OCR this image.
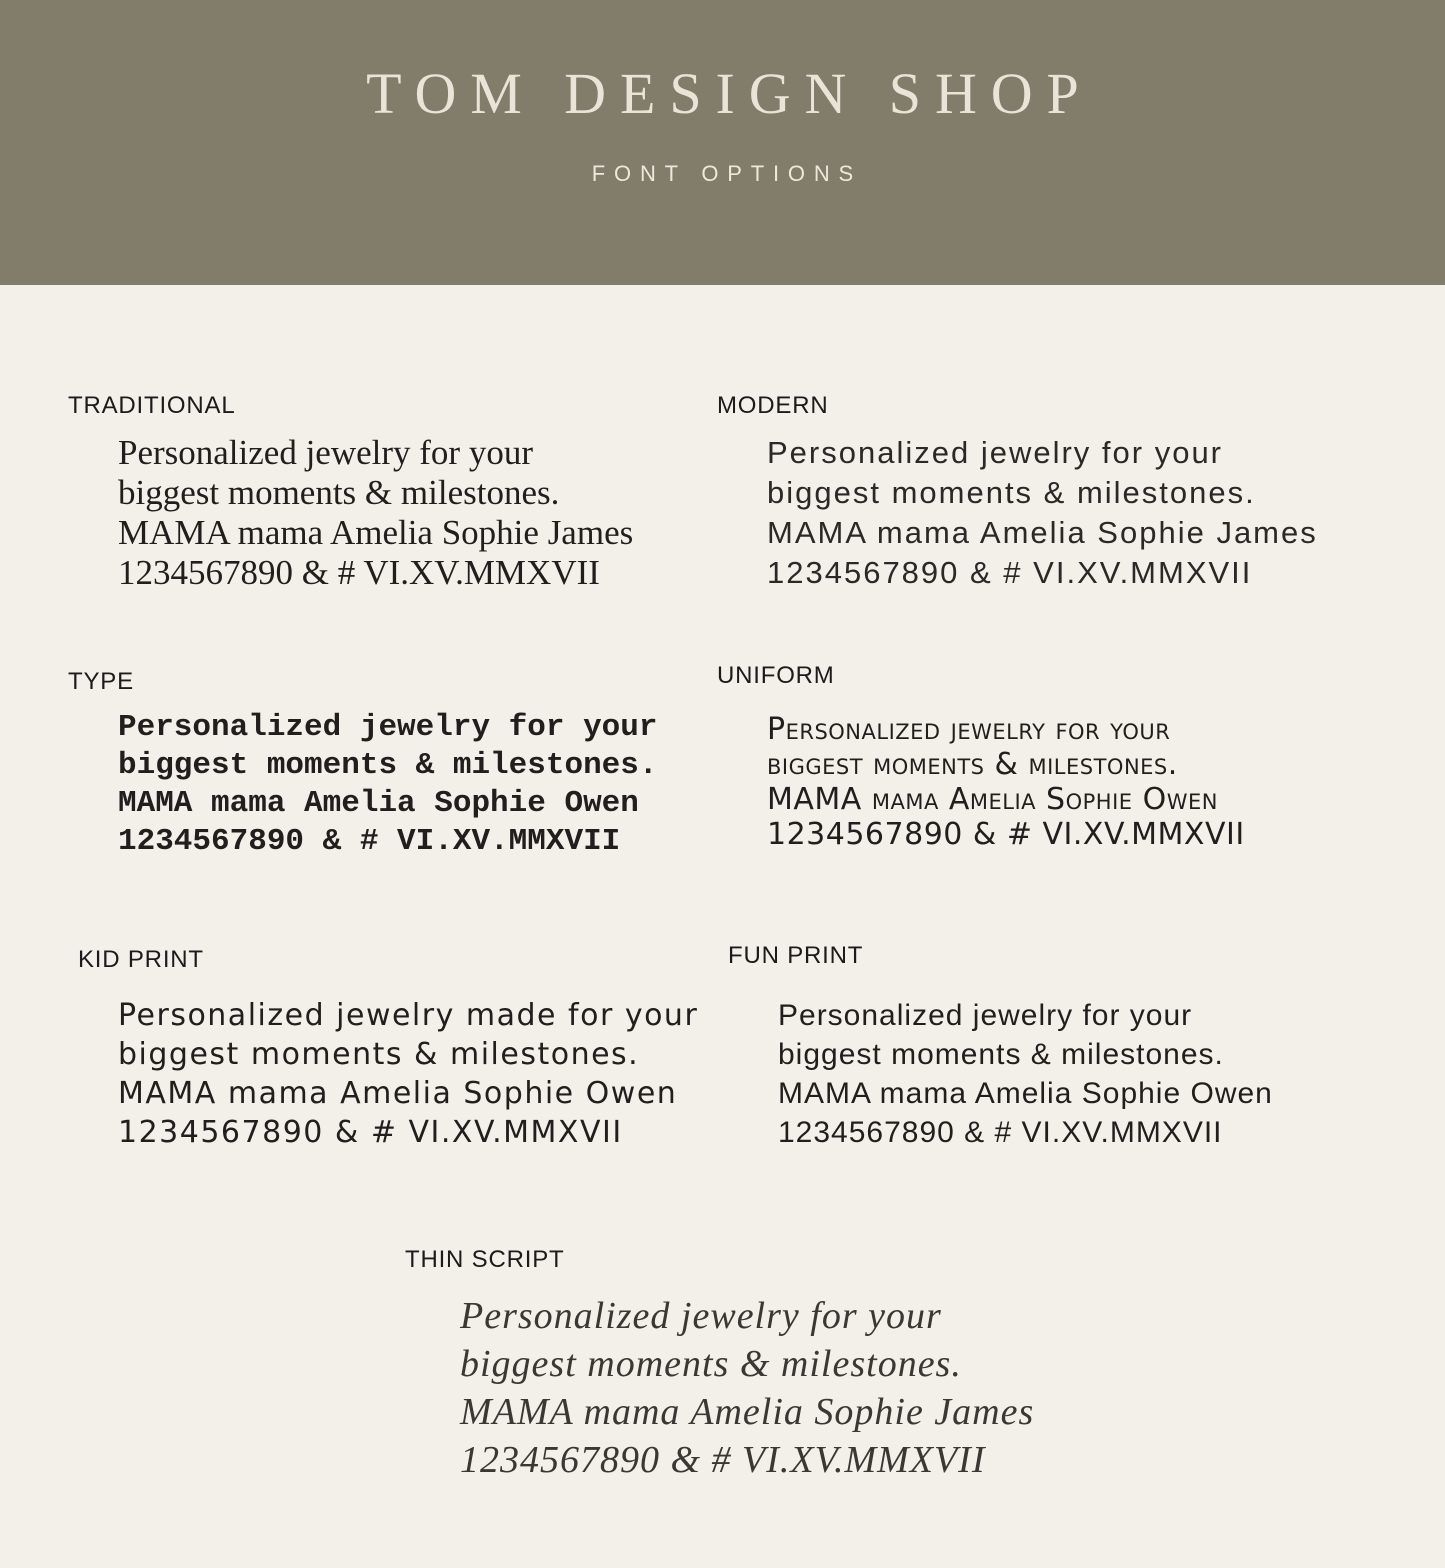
TOM DESIGN SHOP
FONT OPTIONS
TRADITIONAL
Personalized jewelry for your
biggest moments & milestones.
MAMA mama Amelia Sophie James
1234567890 & # VI.XV.MMXVII
MODERN
Personalized jewelry for your
biggest moments & milestones.
MAMA mama Amelia Sophie James
1234567890 & # VI.XV.MMXVII
TYPE
Personalized jewelry for your
biggest moments & milestones.
MAMA mama Amelia Sophie Owen
1234567890 & # VI.XV.MMXVII
UNIFORM
Personalized jewelry for your
biggest moments & milestones.
MAMA mama Amelia Sophie Owen
1234567890 & # VI.XV.MMXVII
KID PRINT
Personalized jewelry made for your
biggest moments & milestones.
MAMA mama Amelia Sophie Owen
1234567890 & # VI.XV.MMXVII
FUN PRINT
Personalized jewelry for your
biggest moments & milestones.
MAMA mama Amelia Sophie Owen
1234567890 & # VI.XV.MMXVII
THIN SCRIPT
Personalized jewelry for your
biggest moments & milestones.
MAMA mama Amelia Sophie James
1234567890 & # VI.XV.MMXVII
